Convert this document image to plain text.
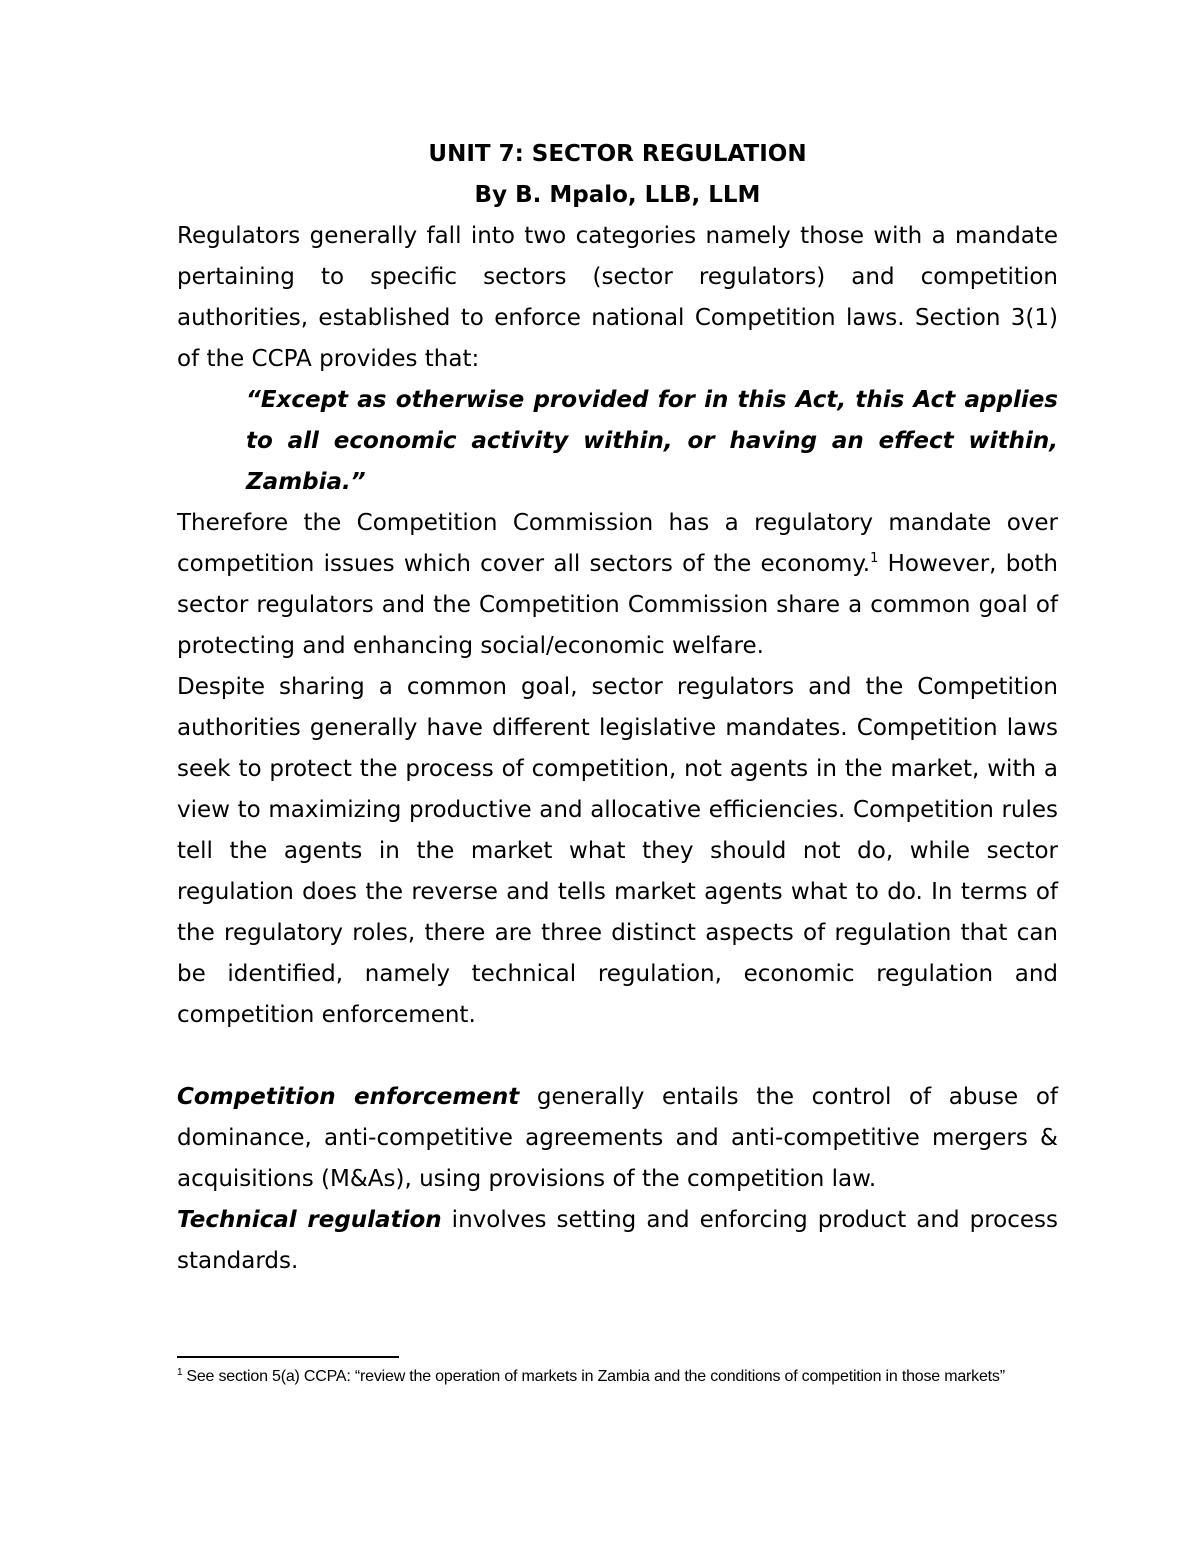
UNIT 7: SECTOR REGULATION

By B. Mpalo, LLB, LLM

Regulators generally fall into two categories namely those with a mandate pertaining to specific sectors (sector regulators) and competition authorities, established to enforce national Competition laws. Section 3(1) of the CCPA provides that:

“Except as otherwise provided for in this Act, this Act applies to all economic activity within, or having an effect within, Zambia.”

Therefore the Competition Commission has a regulatory mandate over competition issues which cover all sectors of the economy.$^1$ However, both sector regulators and the Competition Commission share a common goal of protecting and enhancing social/economic welfare.

Despite sharing a common goal, sector regulators and the Competition authorities generally have different legislative mandates. Competition laws seek to protect the process of competition, not agents in the market, with a view to maximizing productive and allocative efficiencies. Competition rules tell the agents in the market what they should not do, while sector regulation does the reverse and tells market agents what to do. In terms of the regulatory roles, there are three distinct aspects of regulation that can be identified, namely technical regulation, economic regulation and competition enforcement.

Competition enforcement generally entails the control of abuse of dominance, anti-competitive agreements and anti-competitive mergers & acquisitions (M&As), using provisions of the competition law.

Technical regulation involves setting and enforcing product and process standards.

$^1$ See section 5(a) CCPA: “review the operation of markets in Zambia and the conditions of competition in those markets”
